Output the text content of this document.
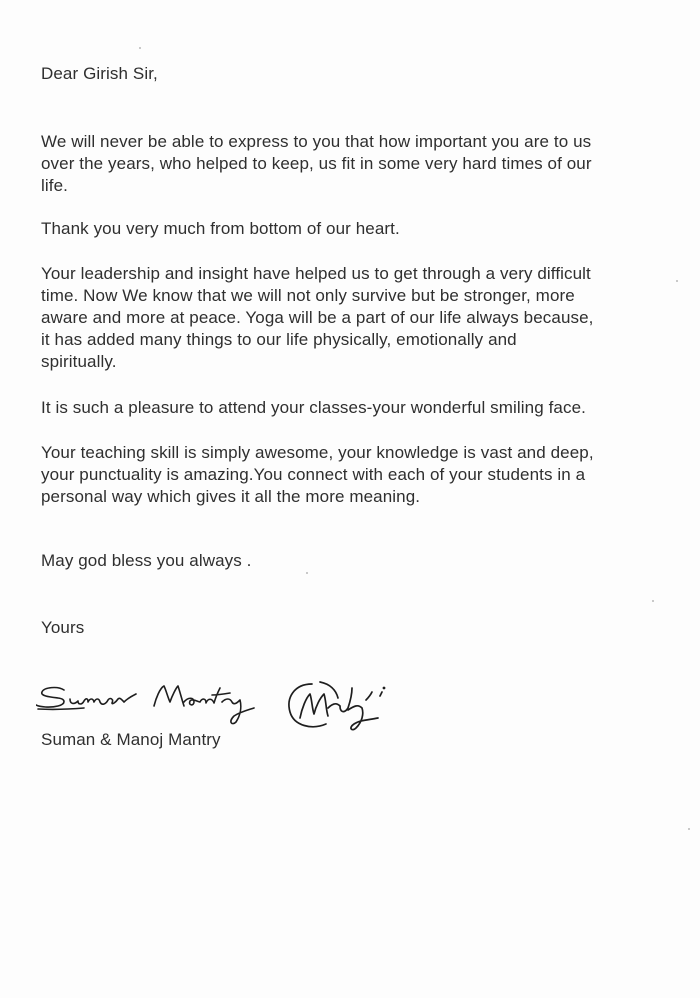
Dear Girish Sir,
We will never be able to express to you that how important you are to us
over the years, who helped to keep, us fit in some very hard times of our
life.
Thank you very much from bottom of our heart.
Your leadership and insight have helped us to get through a very difficult
time. Now We know that we will not only survive but be stronger, more
aware and more at peace. Yoga will be a part of our life always because,
it has added many things to our life physically, emotionally and
spiritually.
It is such a pleasure to attend your classes-your wonderful smiling face.
Your teaching skill is simply awesome, your knowledge is vast and deep,
your punctuality is amazing.You connect with each of your students in a
personal way which gives it all the more meaning.
May god bless you always .
Yours
Suman & Manoj Mantry
